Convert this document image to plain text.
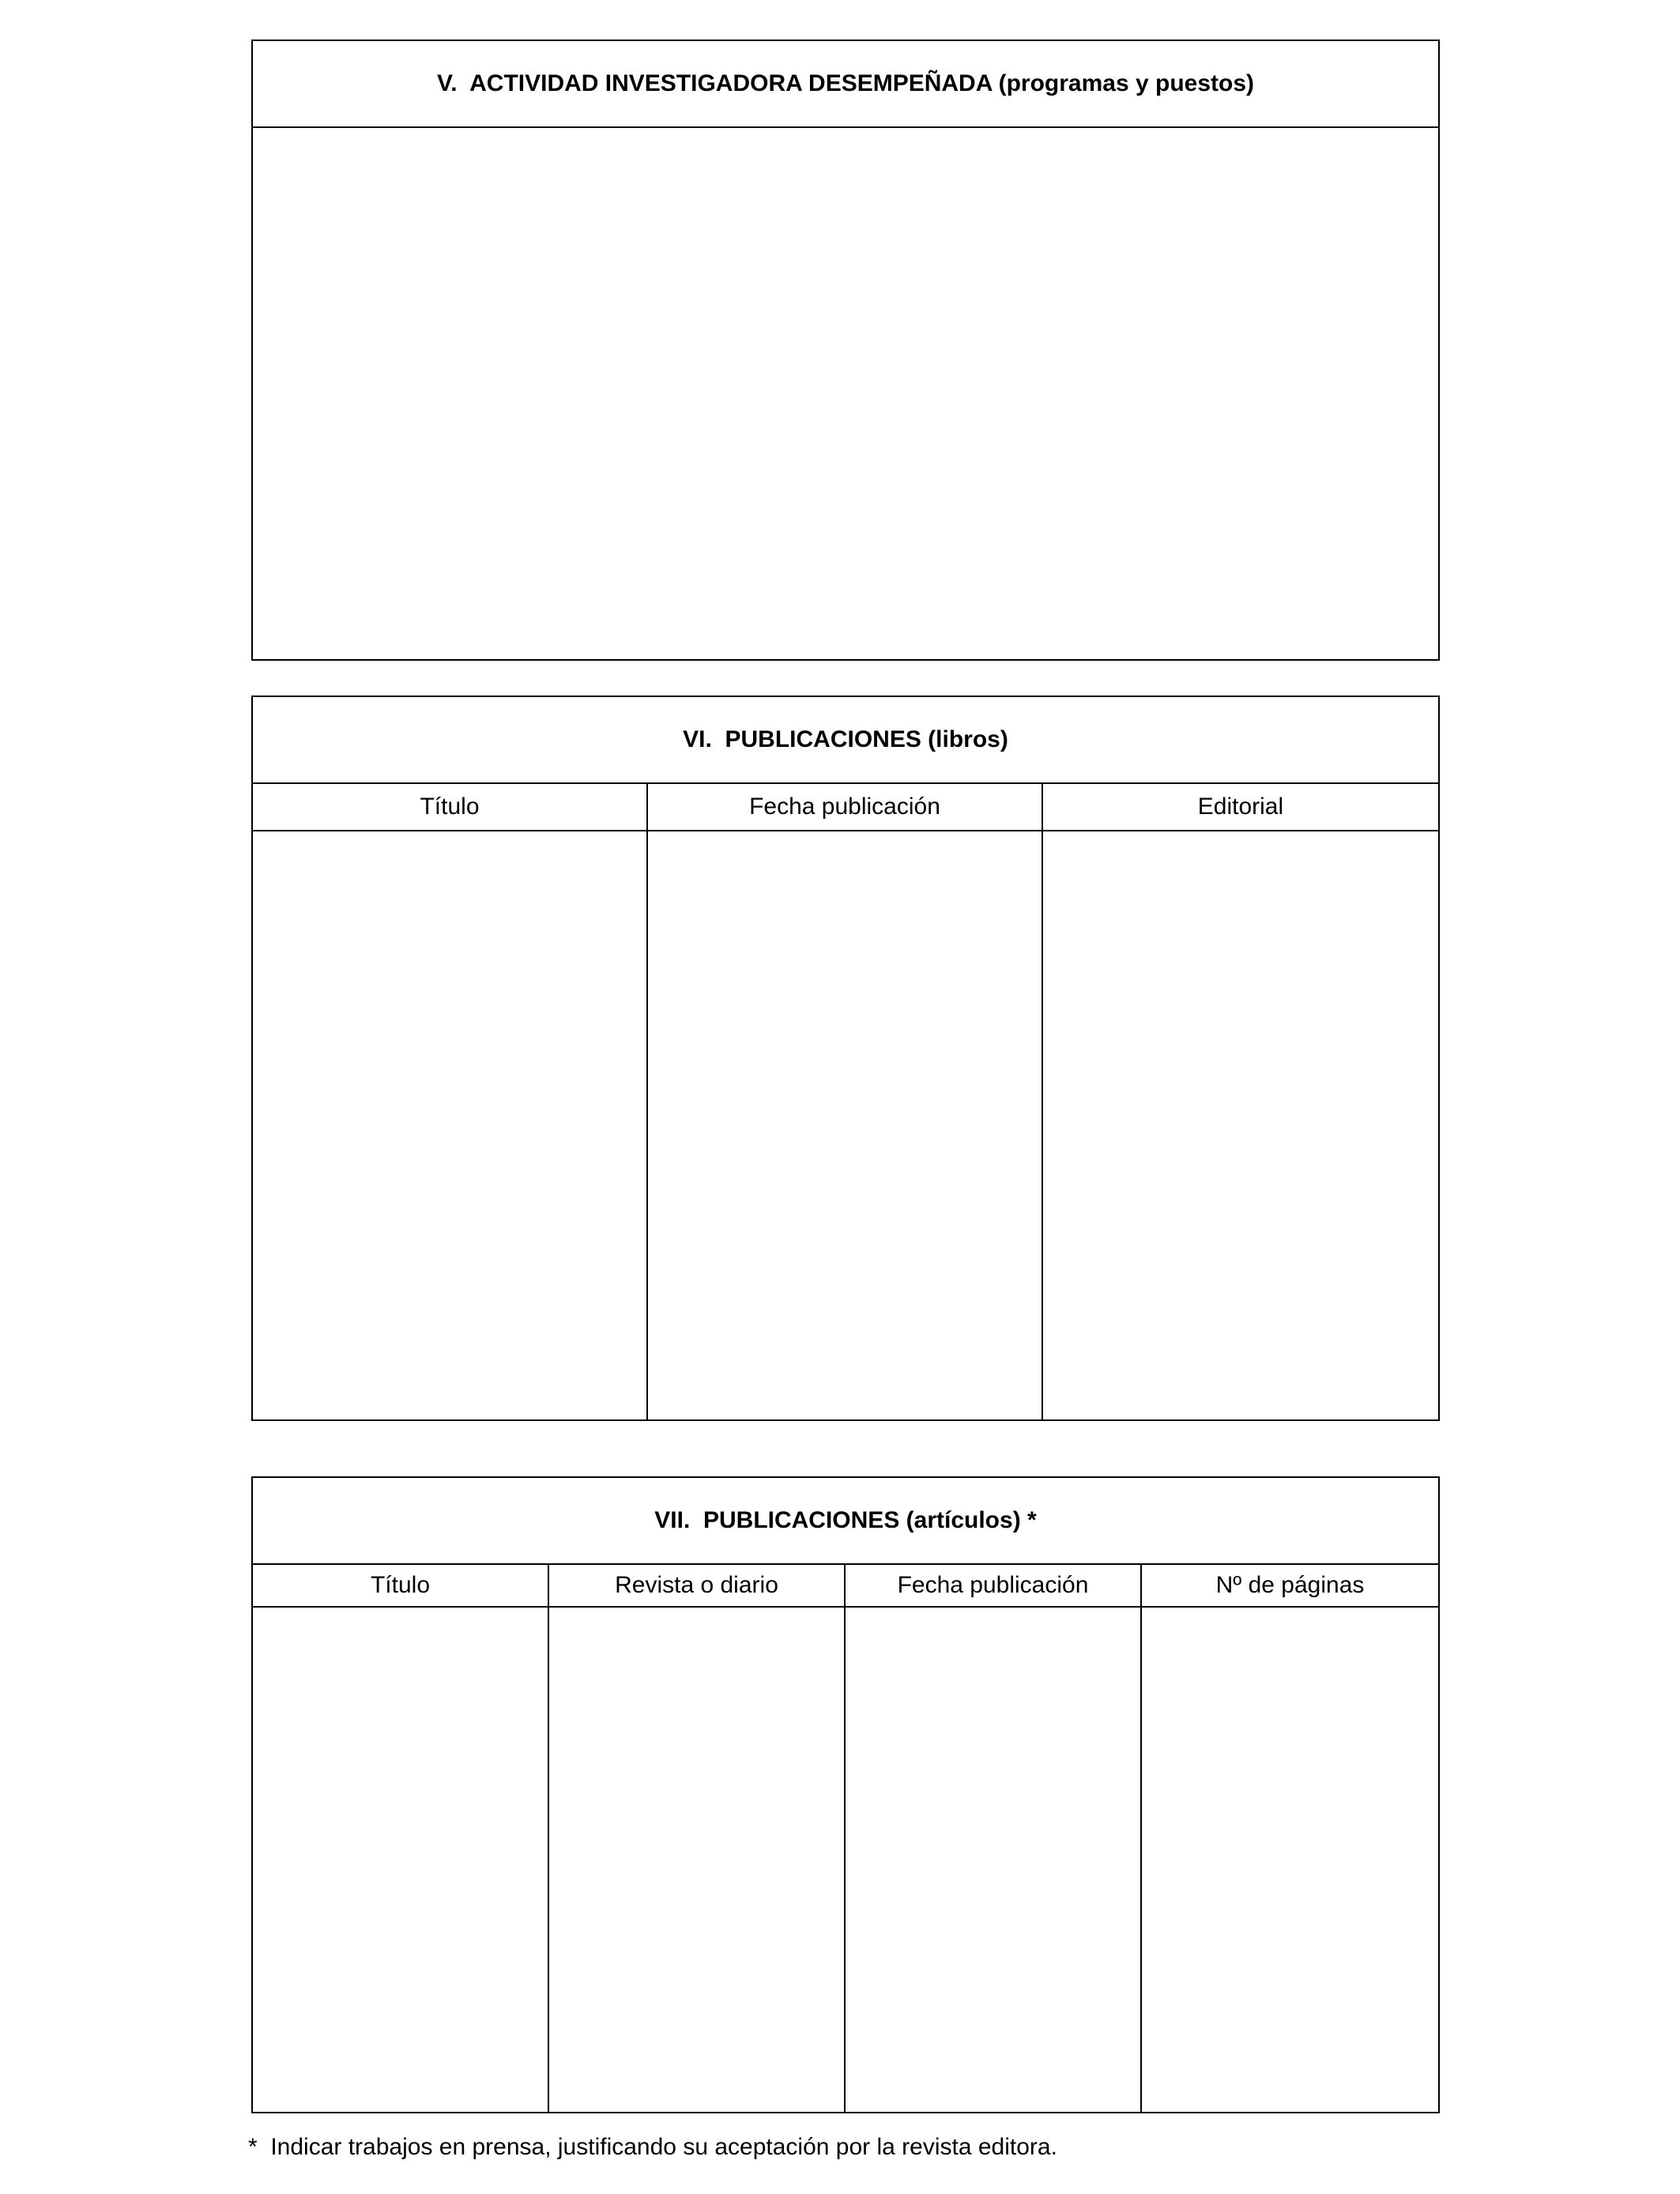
V.  ACTIVIDAD INVESTIGADORA DESEMPEÑADA (programas y puestos)
VI.  PUBLICACIONES (libros)
Título	Fecha publicación	Editorial
VII.  PUBLICACIONES (artículos) *
Título	Revista o diario	Fecha publicación	Nº de páginas
*  Indicar trabajos en prensa, justificando su aceptación por la revista editora.
